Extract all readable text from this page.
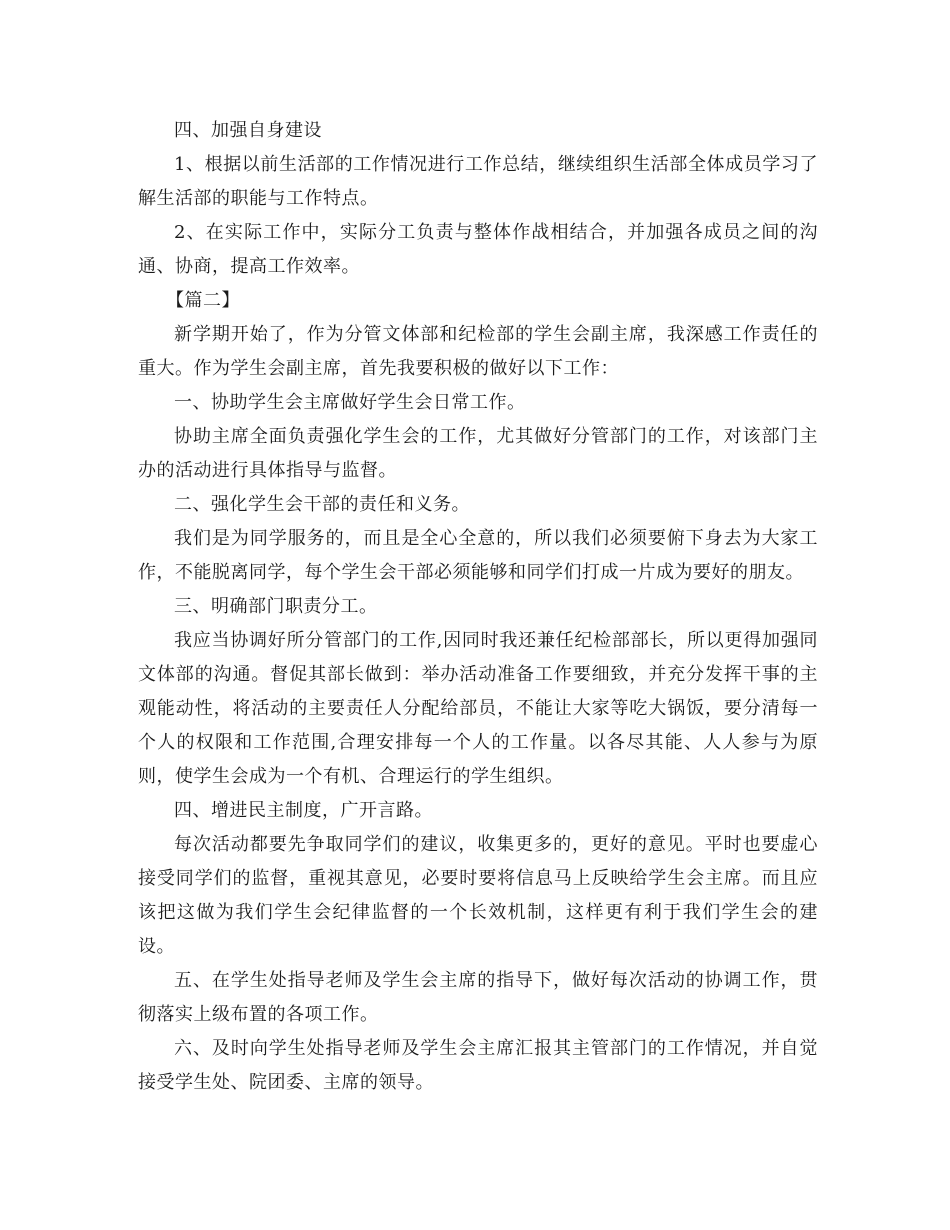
四、加强自身建设

1、根据以前生活部的工作情况进行工作总结，继续组织生活部全体成员学习了解生活部的职能与工作特点。

2、在实际工作中，实际分工负责与整体作战相结合，并加强各成员之间的沟通、协商，提高工作效率。

【篇二】

新学期开始了，作为分管文体部和纪检部的学生会副主席，我深感工作责任的重大。作为学生会副主席，首先我要积极的做好以下工作：

一、协助学生会主席做好学生会日常工作。

协助主席全面负责强化学生会的工作，尤其做好分管部门的工作，对该部门主办的活动进行具体指导与监督。

二、强化学生会干部的责任和义务。

我们是为同学服务的，而且是全心全意的，所以我们必须要俯下身去为大家工作，不能脱离同学，每个学生会干部必须能够和同学们打成一片成为要好的朋友。

三、明确部门职责分工。

我应当协调好所分管部门的工作,因同时我还兼任纪检部部长，所以更得加强同文体部的沟通。督促其部长做到：举办活动准备工作要细致，并充分发挥干事的主观能动性，将活动的主要责任人分配给部员，不能让大家等吃大锅饭，要分清每一个人的权限和工作范围,合理安排每一个人的工作量。以各尽其能、人人参与为原则，使学生会成为一个有机、合理运行的学生组织。

四、增进民主制度，广开言路。

每次活动都要先争取同学们的建议，收集更多的，更好的意见。平时也要虚心接受同学们的监督，重视其意见，必要时要将信息马上反映给学生会主席。而且应该把这做为我们学生会纪律监督的一个长效机制，这样更有利于我们学生会的建设。

五、在学生处指导老师及学生会主席的指导下，做好每次活动的协调工作，贯彻落实上级布置的各项工作。

六、及时向学生处指导老师及学生会主席汇报其主管部门的工作情况，并自觉接受学生处、院团委、主席的领导。
